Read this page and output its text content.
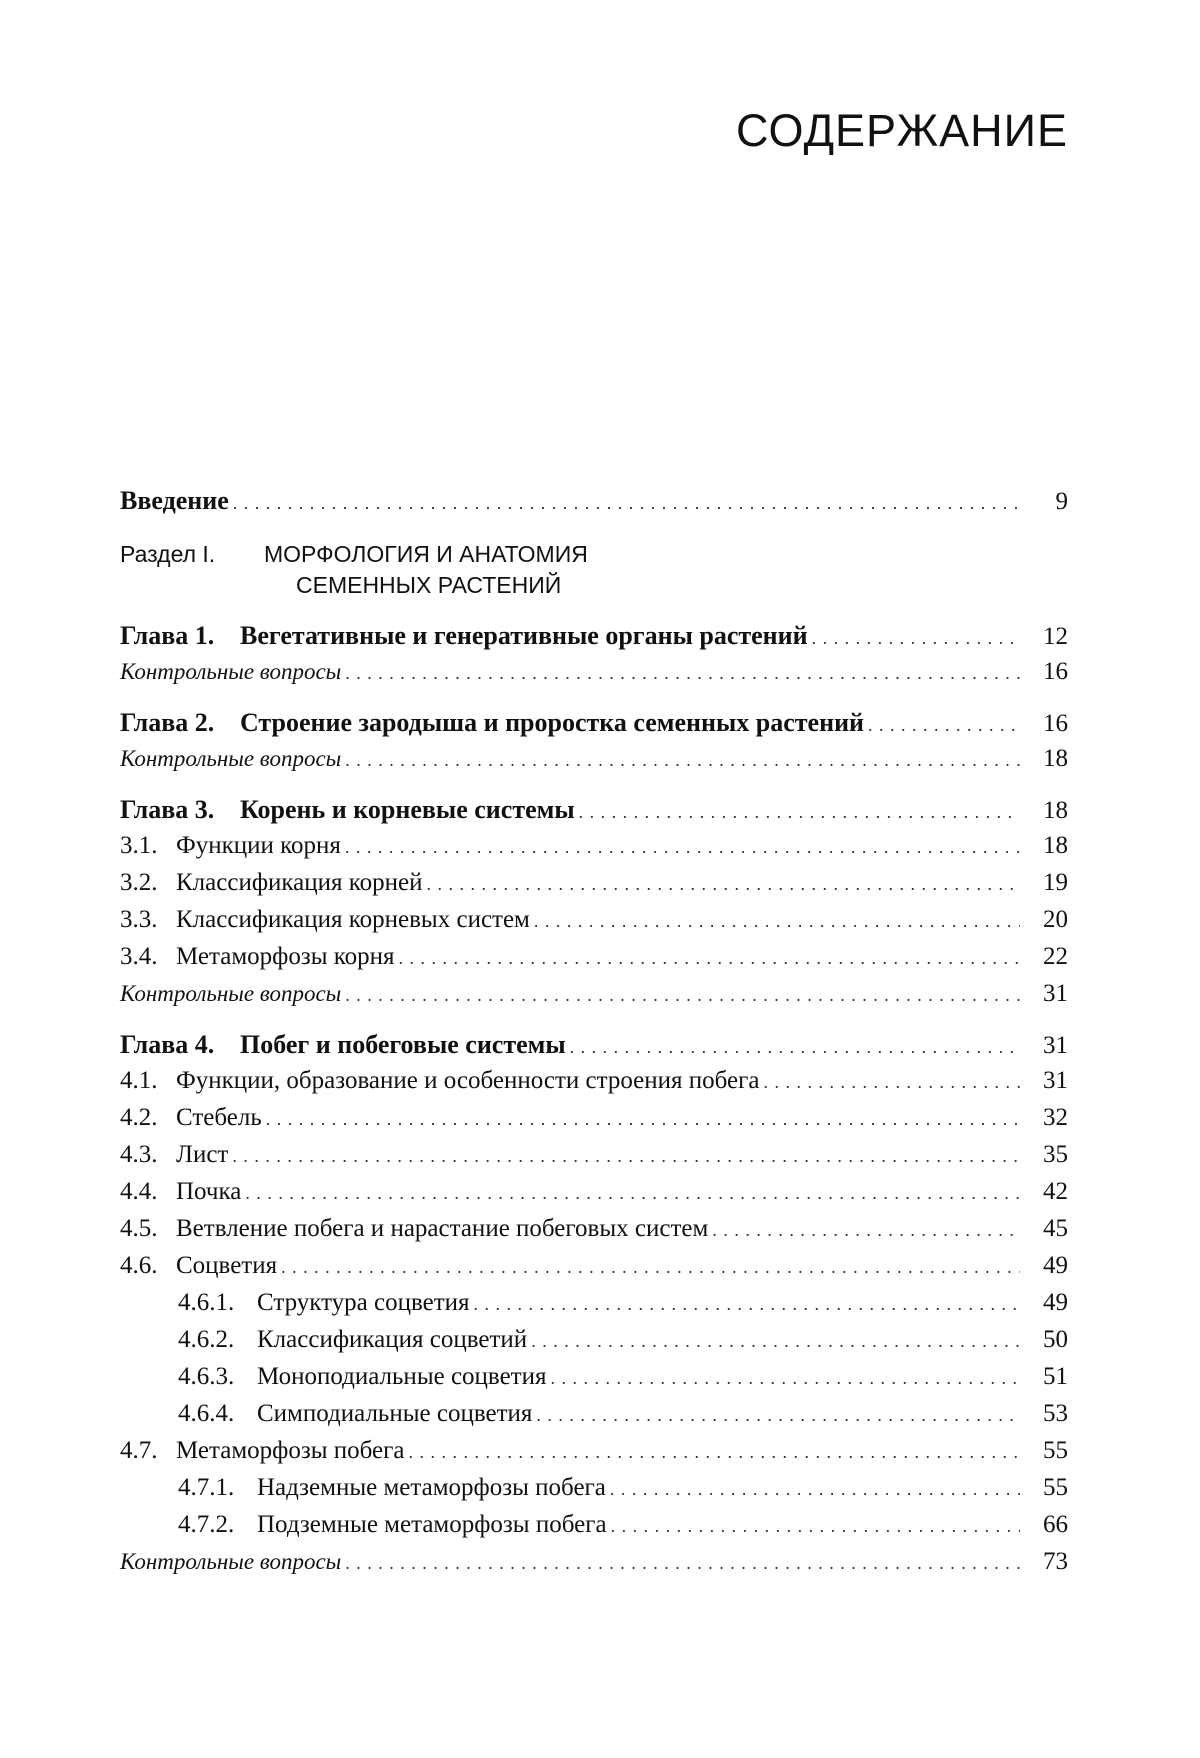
СОДЕРЖАНИЕ
Введение . . .	9
Раздел I.	МОРФОЛОГИЯ И АНАТОМИЯ
СЕМЕННЫХ РАСТЕНИЙ
Глава 1. Вегетативные и генеративные органы растений . . .	12
Контрольные вопросы . . .	16
Глава 2. Строение зародыша и проростка семенных растений . . .	16
Контрольные вопросы . . .	18
Глава 3. Корень и корневые системы . . .	18
3.1. Функции корня . . .	18
3.2. Классификация корней . . .	19
3.3. Классификация корневых систем . . .	20
3.4. Метаморфозы корня . . .	22
Контрольные вопросы . . .	31
Глава 4. Побег и побеговые системы . . .	31
4.1. Функции, образование и особенности строения побега . . .	31
4.2. Стебель . . .	32
4.3. Лист . . .	35
4.4. Почка . . .	42
4.5. Ветвление побега и нарастание побеговых систем . . .	45
4.6. Соцветия . . .	49
4.6.1. Структура соцветия . . .	49
4.6.2. Классификация соцветий . . .	50
4.6.3. Моноподиальные соцветия . . .	51
4.6.4. Симподиальные соцветия . . .	53
4.7. Метаморфозы побега . . .	55
4.7.1. Надземные метаморфозы побега . . .	55
4.7.2. Подземные метаморфозы побега . . .	66
Контрольные вопросы . . .	73
